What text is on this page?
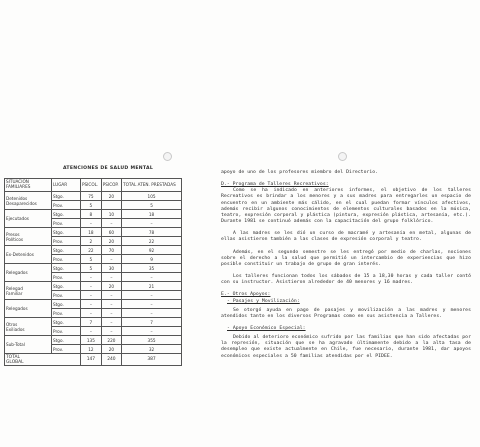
ATENCIONES DE SALUD MENTAL
SITUACION FAMILIARES	LUGAR	PSICOL.	PSICOP.	TOTAL ATEN. PRESTADAS
Detenidos
Desaparecidos	Stgo.	75	20	105
	Prov.	5		5
Ejecutados	Stgo.	8	10	18
	Prov.	–	–	–
Presos
Políticos	Stgo.	18	60	78
	Prov.	2	20	22
Ex-Detenidos	Stgo.	22	70	92
	Prov.	5	–	9
Relegados	Stgo.	5	30	35
	Prov.	–	–	–
Relegad
Familiar	Stgo.	–	20	21
	Prov.	–	–	–
Relegados	Stgo.	–	–	–
	Prov.	–	–	–
Otros
Exiliados	Stgo.	7	–	7
	Prov.	–	–	–
Sub-Total	Stgo.	135	220	355
	Prov.	12	20	32
TOTAL
GLOBAL		147	240	387

apoyo de uno de los profesores miembro del Directorio.

D.- Programa de Talleres Recreativos:

Como se ha indicado en anteriores informes, el objetivo de los talleres Recreativos es brindar a los menores y a sus madres para entregarles un espacio de encuentro en un ambiente más cálido, en el cual puedan formar vínculos afectivos, además recibir algunos conocimientos de elementos culturales basados en la música, teatro, expresión corporal y plástica (pintura, expresión plástica, artesanía, etc.). Durante 1981 se continuó además con la capacitación del grupo folklórico.

A las madres se les dió un curso de macramé y artesanía en metal, algunas de ellas asistieron también a las clases de expresión corporal y teatro.

Además, en el segundo semestre se les entregó por medio de charlas, nociones sobre el derecho a la salud que permitió un intercambio de experiencias que hizo posible constituir un trabajo de grupo de gran interés.

Los talleres funcionan todos los sábados de 15 a 18,30 horas y cada taller contó con su instructor. Asistieron alrededor de 40 menores y 16 madres.

E.- Otros Apoyos:

- Pasajes y Movilización:

Se otorgó ayuda en pago de pasajes y movilización a las madres y menores atendidos tanto en los diversos Programas como en sus asistencia a Talleres.

- Apoyo Económico Especial:

Debido al deterioro económico sufrido por las familias que han sido afectadas por la represión, situación que se ha agravado últimamente debido a la alta tasa de desempleo que existe actualmente en Chile, fue necesario, durante 1981, dar apoyos económicos especiales a 50 familias atendidas por el PIDEE.
